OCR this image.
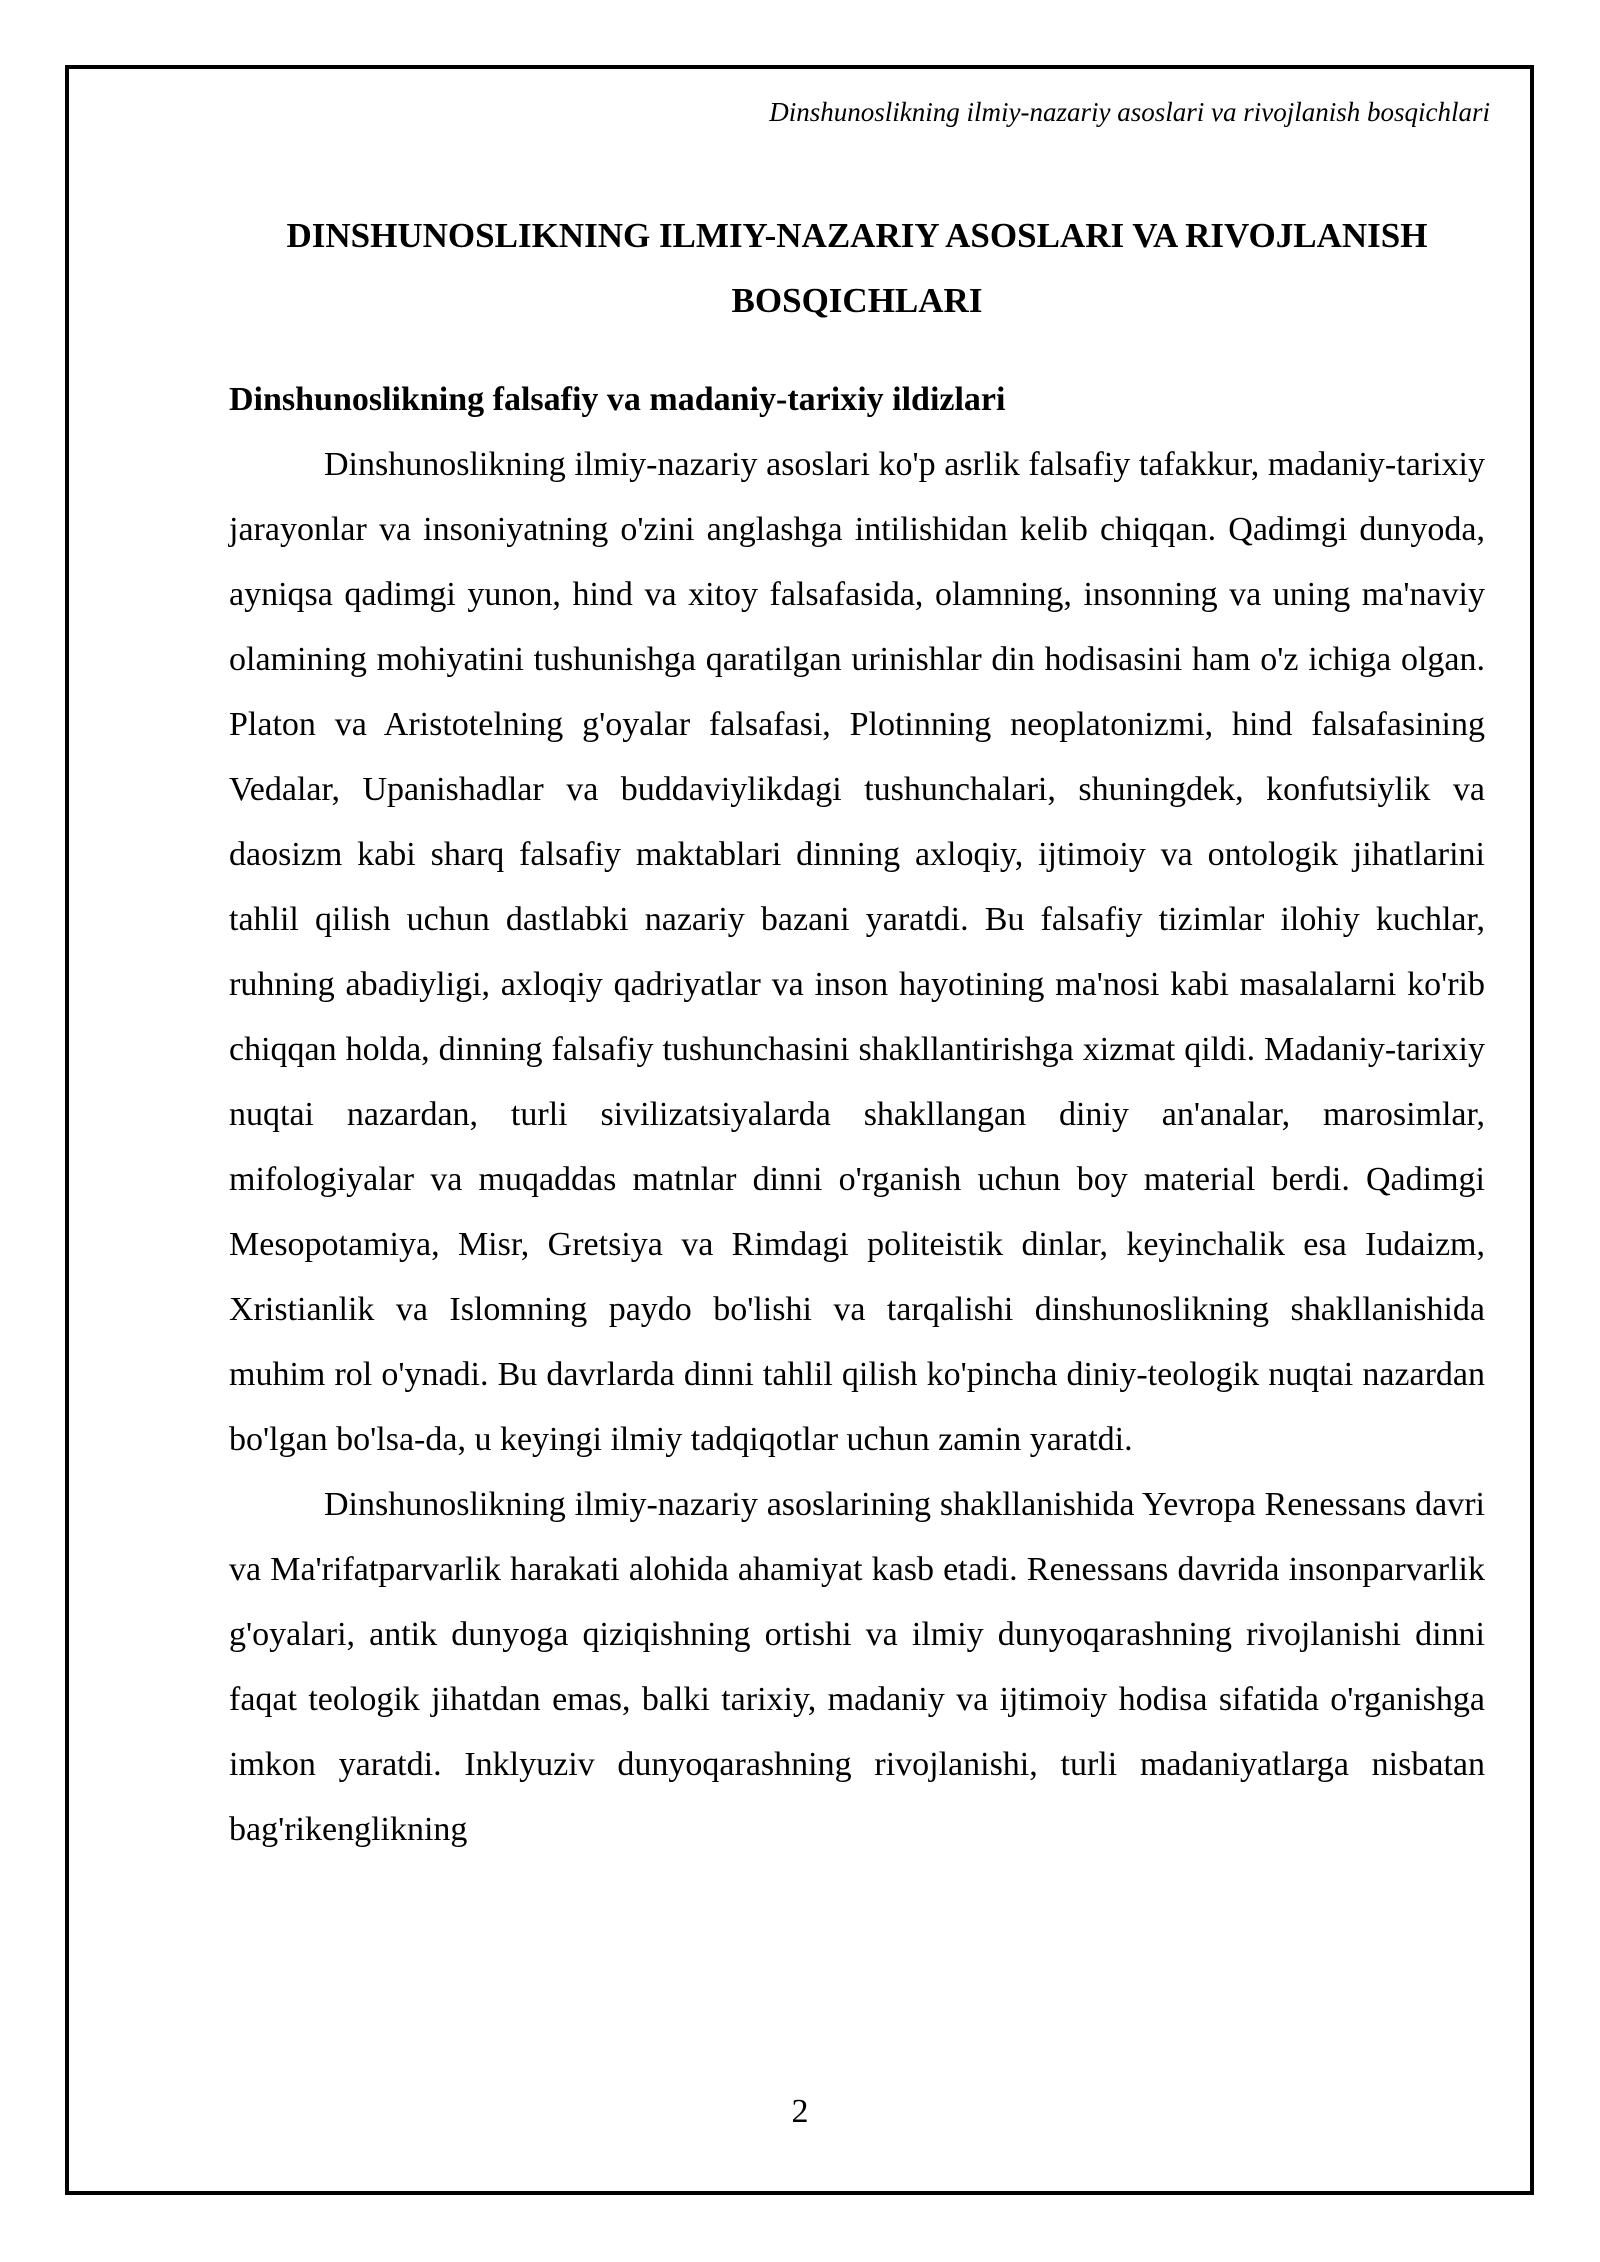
Dinshunoslikning ilmiy-nazariy asoslari va rivojlanish bosqichlari
DINSHUNOSLIKNING ILMIY-NAZARIY ASOSLARI VA RIVOJLANISH BOSQICHLARI
Dinshunoslikning falsafiy va madaniy-tarixiy ildizlari

Dinshunoslikning ilmiy-nazariy asoslari ko'p asrlik falsafiy tafakkur, madaniy-tarixiy jarayonlar va insoniyatning o'zini anglashga intilishidan kelib chiqqan. Qadimgi dunyoda, ayniqsa qadimgi yunon, hind va xitoy falsafasida, olamning, insonning va uning ma'naviy olamining mohiyatini tushunishga qaratilgan urinishlar din hodisasini ham o'z ichiga olgan. Platon va Aristotelning g'oyalar falsafasi, Plotinning neoplatonizmi, hind falsafasining Vedalar, Upanishadlar va buddaviylikdagi tushunchalari, shuningdek, konfutsiylik va daosizm kabi sharq falsafiy maktablari dinning axloqiy, ijtimoiy va ontologik jihatlarini tahlil qilish uchun dastlabki nazariy bazani yaratdi. Bu falsafiy tizimlar ilohiy kuchlar, ruhning abadiyligi, axloqiy qadriyatlar va inson hayotining ma'nosi kabi masalalarni ko'rib chiqqan holda, dinning falsafiy tushunchasini shakllantirishga xizmat qildi. Madaniy-tarixiy nuqtai nazardan, turli sivilizatsiyalarda shakllangan diniy an'analar, marosimlar, mifologiyalar va muqaddas matnlar dinni o'rganish uchun boy material berdi. Qadimgi Mesopotamiya, Misr, Gretsiya va Rimdagi politeistik dinlar, keyinchalik esa Iudaizm, Xristianlik va Islomning paydo bo'lishi va tarqalishi dinshunoslikning shakllanishida muhim rol o'ynadi. Bu davrlarda dinni tahlil qilish ko'pincha diniy-teologik nuqtai nazardan bo'lgan bo'lsa-da, u keyingi ilmiy tadqiqotlar uchun zamin yaratdi.

Dinshunoslikning ilmiy-nazariy asoslarining shakllanishida Yevropa Renessans davri va Ma'rifatparvarlik harakati alohida ahamiyat kasb etadi. Renessans davrida insonparvarlik g'oyalari, antik dunyoga qiziqishning ortishi va ilmiy dunyoqarashning rivojlanishi dinni faqat teologik jihatdan emas, balki tarixiy, madaniy va ijtimoiy hodisa sifatida o'rganishga imkon yaratdi. Inklyuziv dunyoqarashning rivojlanishi, turli madaniyatlarga nisbatan bag'rikenglikning

2
